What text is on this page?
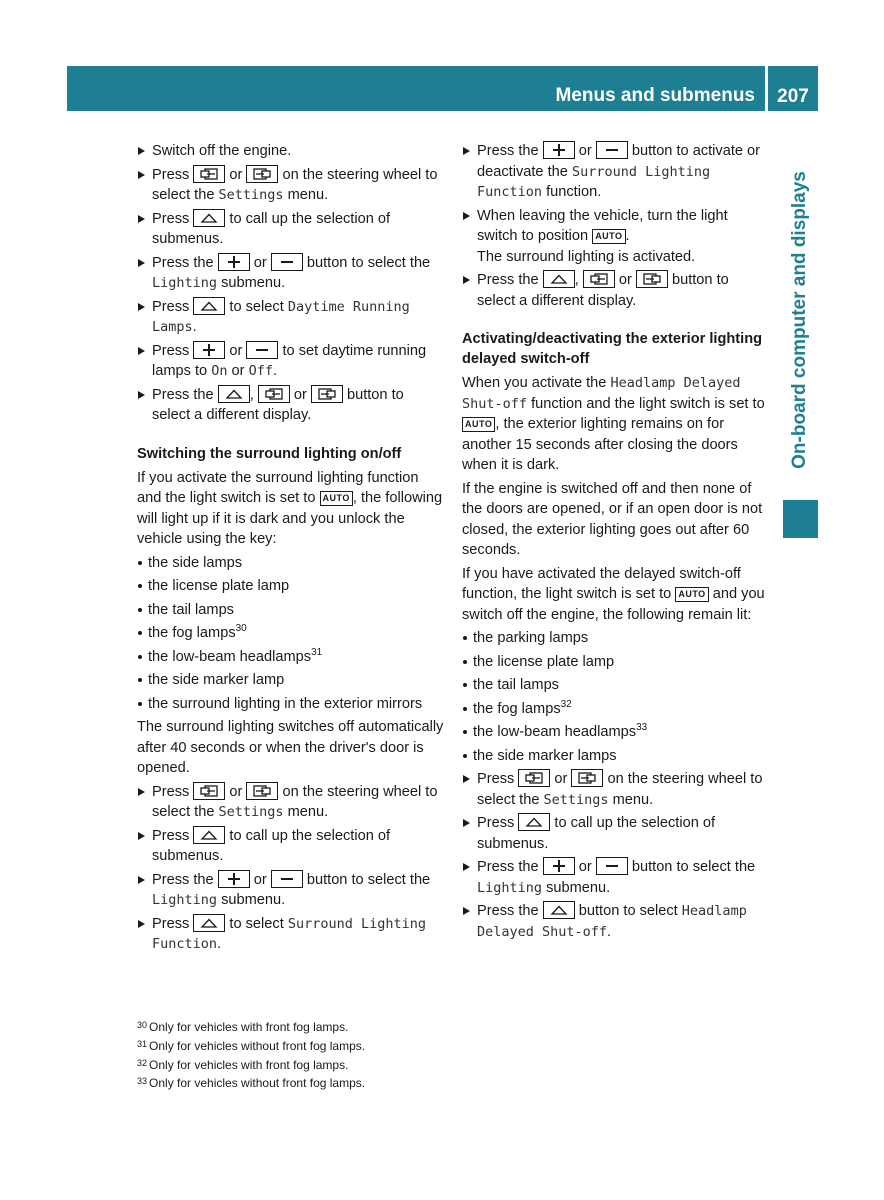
Menus and submenus	207
On-board computer and displays
Switch off the engine.
Press
or
on the steering wheel to select the Settings menu.
Press
to call up the selection of submenus.
Press the
or
button to select the Lighting submenu.
Press
to select Daytime Running Lamps.
Press
or
to set daytime running lamps to On or Off.
Press the
,
or
button to select a different display.
Switching the surround lighting on/off

If you activate the surround lighting function and the light switch is set to AUTO , the following will light up if it is dark and you unlock the vehicle using the key:

the side lamps
the license plate lamp
the tail lamps
the fog lamps$^{30}$
the low-beam headlamps$^{31}$
the side marker lamp
the surround lighting in the exterior mirrors

The surround lighting switches off automatically after 40 seconds or when the driver's door is opened.

Press
or
on the steering wheel to select the Settings menu.
Press
to call up the selection of submenus.
Press the
or
button to select the Lighting submenu.
Press
to select Surround Lighting Function.
Press the
or
button to activate or deactivate the Surround Lighting Function function.
When leaving the vehicle, turn the light switch to position AUTO .
The surround lighting is activated.
Press the
,
or
button to select a different display.
Activating/deactivating the exterior lighting delayed switch-off

When you activate the Headlamp Delayed Shut-off function and the light switch is set to AUTO , the exterior lighting remains on for another 15 seconds after closing the doors when it is dark.

If the engine is switched off and then none of the doors are opened, or if an open door is not closed, the exterior lighting goes out after 60 seconds.

If you have activated the delayed switch-off function, the light switch is set to AUTO and you switch off the engine, the following remain lit:

the parking lamps
the license plate lamp
the tail lamps
the fog lamps$^{32}$
the low-beam headlamps$^{33}$
the side marker lamps
Press
or
on the steering wheel to select the Settings menu.
Press
to call up the selection of submenus.
Press the
or
button to select the Lighting submenu.
Press the
button to select Headlamp Delayed Shut-off.
$^{30}$ Only for vehicles with front fog lamps.
$^{31}$ Only for vehicles without front fog lamps.
$^{32}$ Only for vehicles with front fog lamps.
$^{33}$ Only for vehicles without front fog lamps.
